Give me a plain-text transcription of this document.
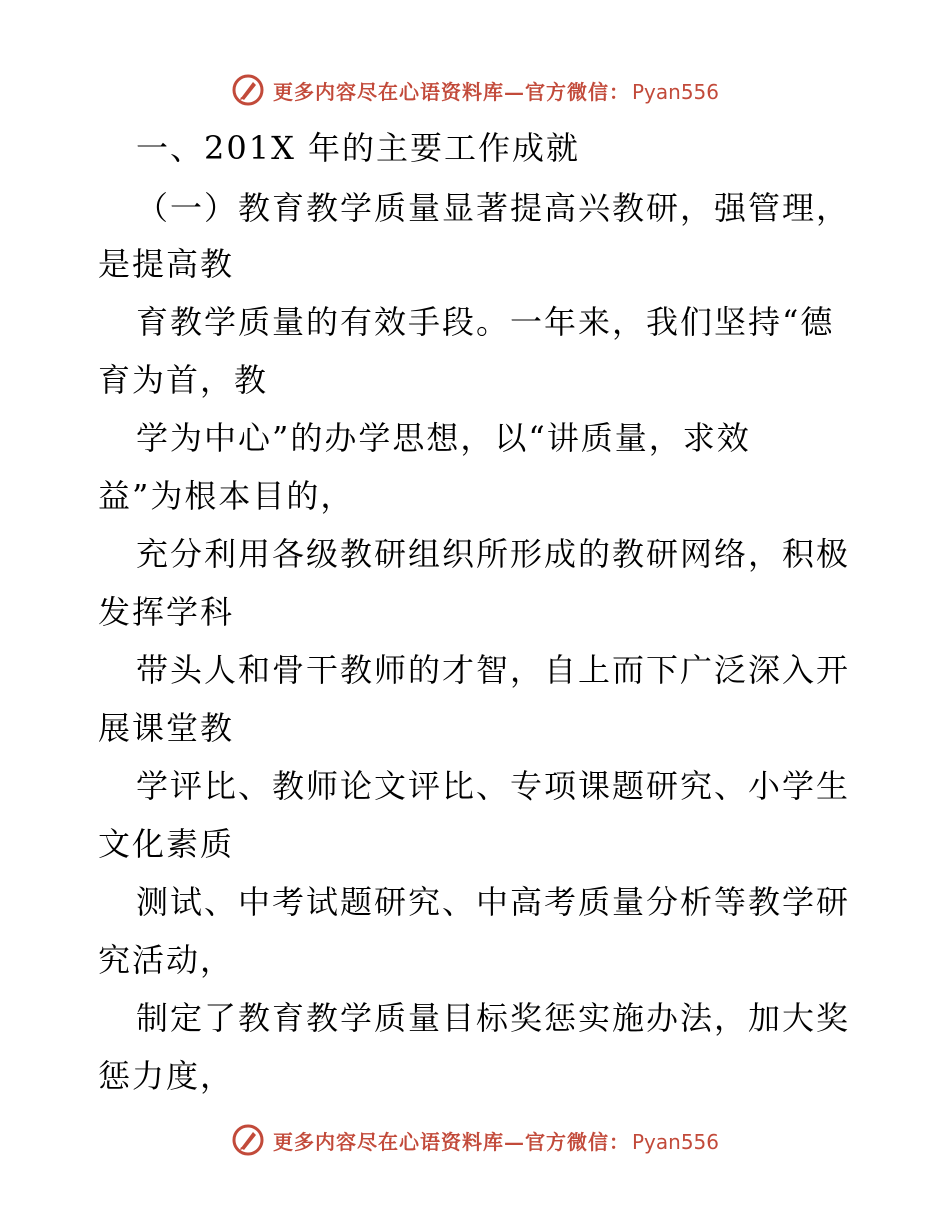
更多内容尽在心语资料库—官方微信： Pyan556
一、201X 年的主要工作成就
（一）教育教学质量显著提高兴教研，强管理，
是提高教
育教学质量的有效手段。一年来，我们坚持“德
育为首，教
学为中心”的办学思想，以“讲质量，求效
益”为根本目的，
充分利用各级教研组织所形成的教研网络，积极
发挥学科
带头人和骨干教师的才智，自上而下广泛深入开
展课堂教
学评比、教师论文评比、专项课题研究、小学生
文化素质
测试、中考试题研究、中高考质量分析等教学研
究活动，
制定了教育教学质量目标奖惩实施办法，加大奖
惩力度，
更多内容尽在心语资料库—官方微信： Pyan556
